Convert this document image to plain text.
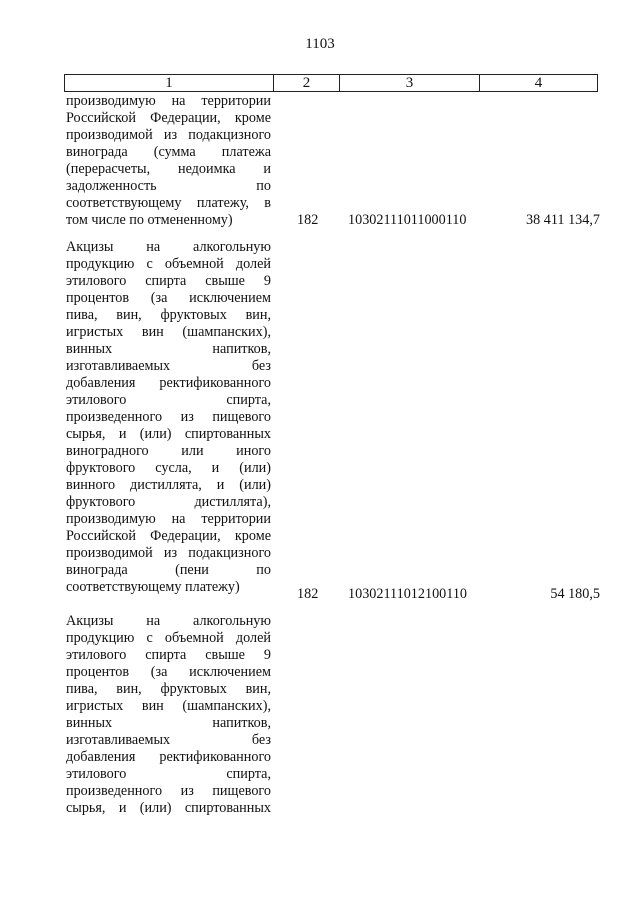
1103
1	2	3	4
производимую на территории
Российской Федерации, кроме
производимой из подакцизного
винограда (сумма платежа
(перерасчеты, недоимка и
задолженность по
соответствующему платежу, в
том числе по отмененному)	182 10302111011000110	38 411 134,7
Акцизы на алкогольную
продукцию с объемной долей
этилового спирта свыше 9
процентов (за исключением
пива, вин, фруктовых вин,
игристых вин (шампанских),
винных напитков,
изготавливаемых без
добавления ректификованного
этилового спирта,
произведенного из пищевого
сырья, и (или) спиртованных
виноградного или иного
фруктового сусла, и (или)
винного дистиллята, и (или)
фруктового дистиллята),
производимую на территории
Российской Федерации, кроме
производимой из подакцизного
винограда (пени по
соответствующему платежу)	182 10302111012100110	54 180,5
Акцизы на алкогольную
продукцию с объемной долей
этилового спирта свыше 9
процентов (за исключением
пива, вин, фруктовых вин,
игристых вин (шампанских),
винных напитков,
изготавливаемых без
добавления ректификованного
этилового спирта,
произведенного из пищевого
сырья, и (или) спиртованных
